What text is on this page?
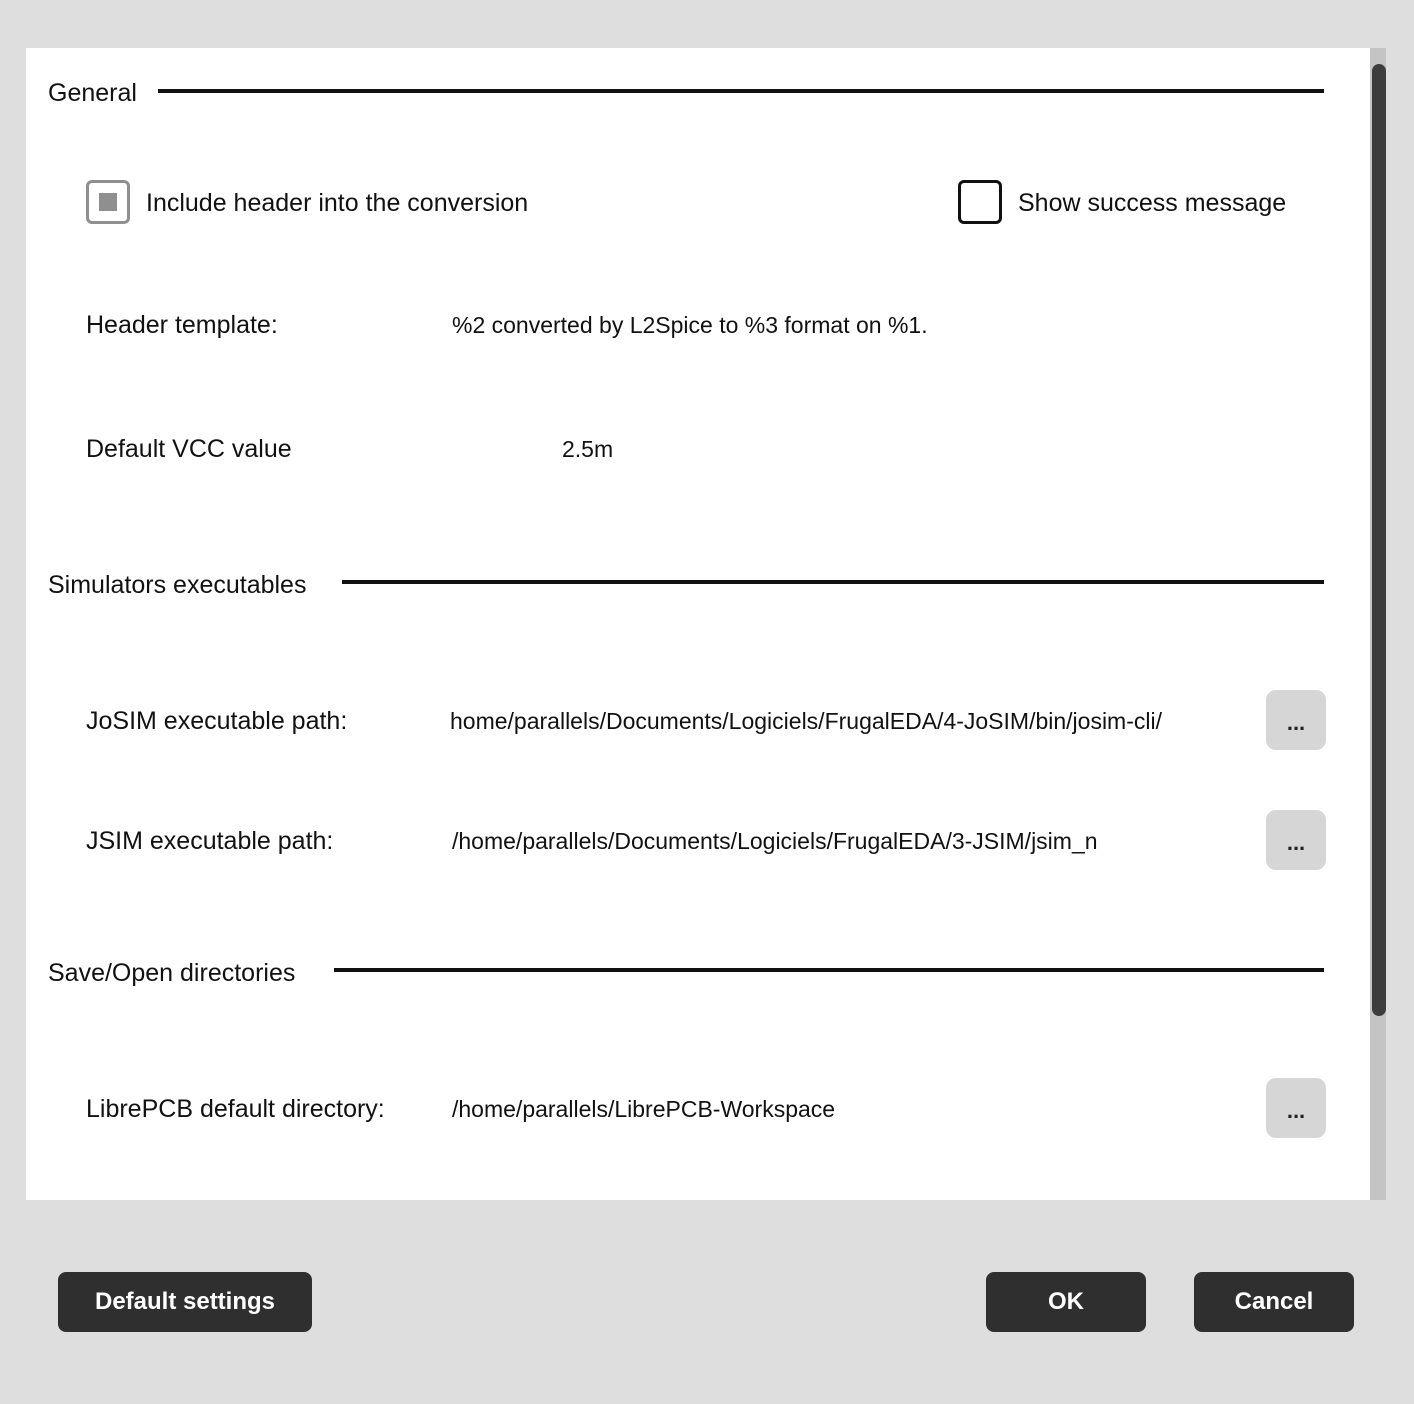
General
Include header into the conversion	Show success message
Header template:	%2 converted by L2Spice to %3 format on %1.
Default VCC value	2.5m
Simulators executables
JoSIM executable path:	/home/parallels/Documents/Logiciels/FrugalEDA/4-JoSIM/bin/josim-cli	...
JSIM executable path:	/home/parallels/Documents/Logiciels/FrugalEDA/3-JSIM/jsim_n	...
Save/Open directories
LibrePCB default directory:	/home/parallels/LibrePCB-Workspace	...
Default settings	OK	Cancel
